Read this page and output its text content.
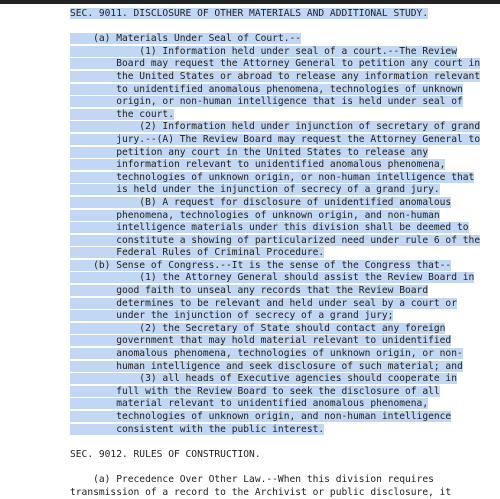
SEC. 9011. DISCLOSURE OF OTHER MATERIALS AND ADDITIONAL STUDY.
(a) Materials Under Seal of Court.--
(1) Information held under seal of a court.--The Review
Board may request the Attorney General to petition any court in
the United States or abroad to release any information relevant
to unidentified anomalous phenomena, technologies of unknown
origin, or non-human intelligence that is held under seal of
the court.
(2) Information held under injunction of secretary of grand
jury.--(A) The Review Board may request the Attorney General to
petition any court in the United States to release any
information relevant to unidentified anomalous phenomena,
technologies of unknown origin, or non-human intelligence that
is held under the injunction of secrecy of a grand jury.
(B) A request for disclosure of unidentified anomalous
phenomena, technologies of unknown origin, and non-human
intelligence materials under this division shall be deemed to
constitute a showing of particularized need under rule 6 of the
Federal Rules of Criminal Procedure.
(b) Sense of Congress.--It is the sense of the Congress that--
(1) the Attorney General should assist the Review Board in
good faith to unseal any records that the Review Board
determines to be relevant and held under seal by a court or
under the injunction of secrecy of a grand jury;
(2) the Secretary of State should contact any foreign
government that may hold material relevant to unidentified
anomalous phenomena, technologies of unknown origin, or non-
human intelligence and seek disclosure of such material; and
(3) all heads of Executive agencies should cooperate in
full with the Review Board to seek the disclosure of all
material relevant to unidentified anomalous phenomena,
technologies of unknown origin, and non-human intelligence
consistent with the public interest.
SEC. 9012. RULES OF CONSTRUCTION.
(a) Precedence Over Other Law.--When this division requires
transmission of a record to the Archivist or public disclosure, it
